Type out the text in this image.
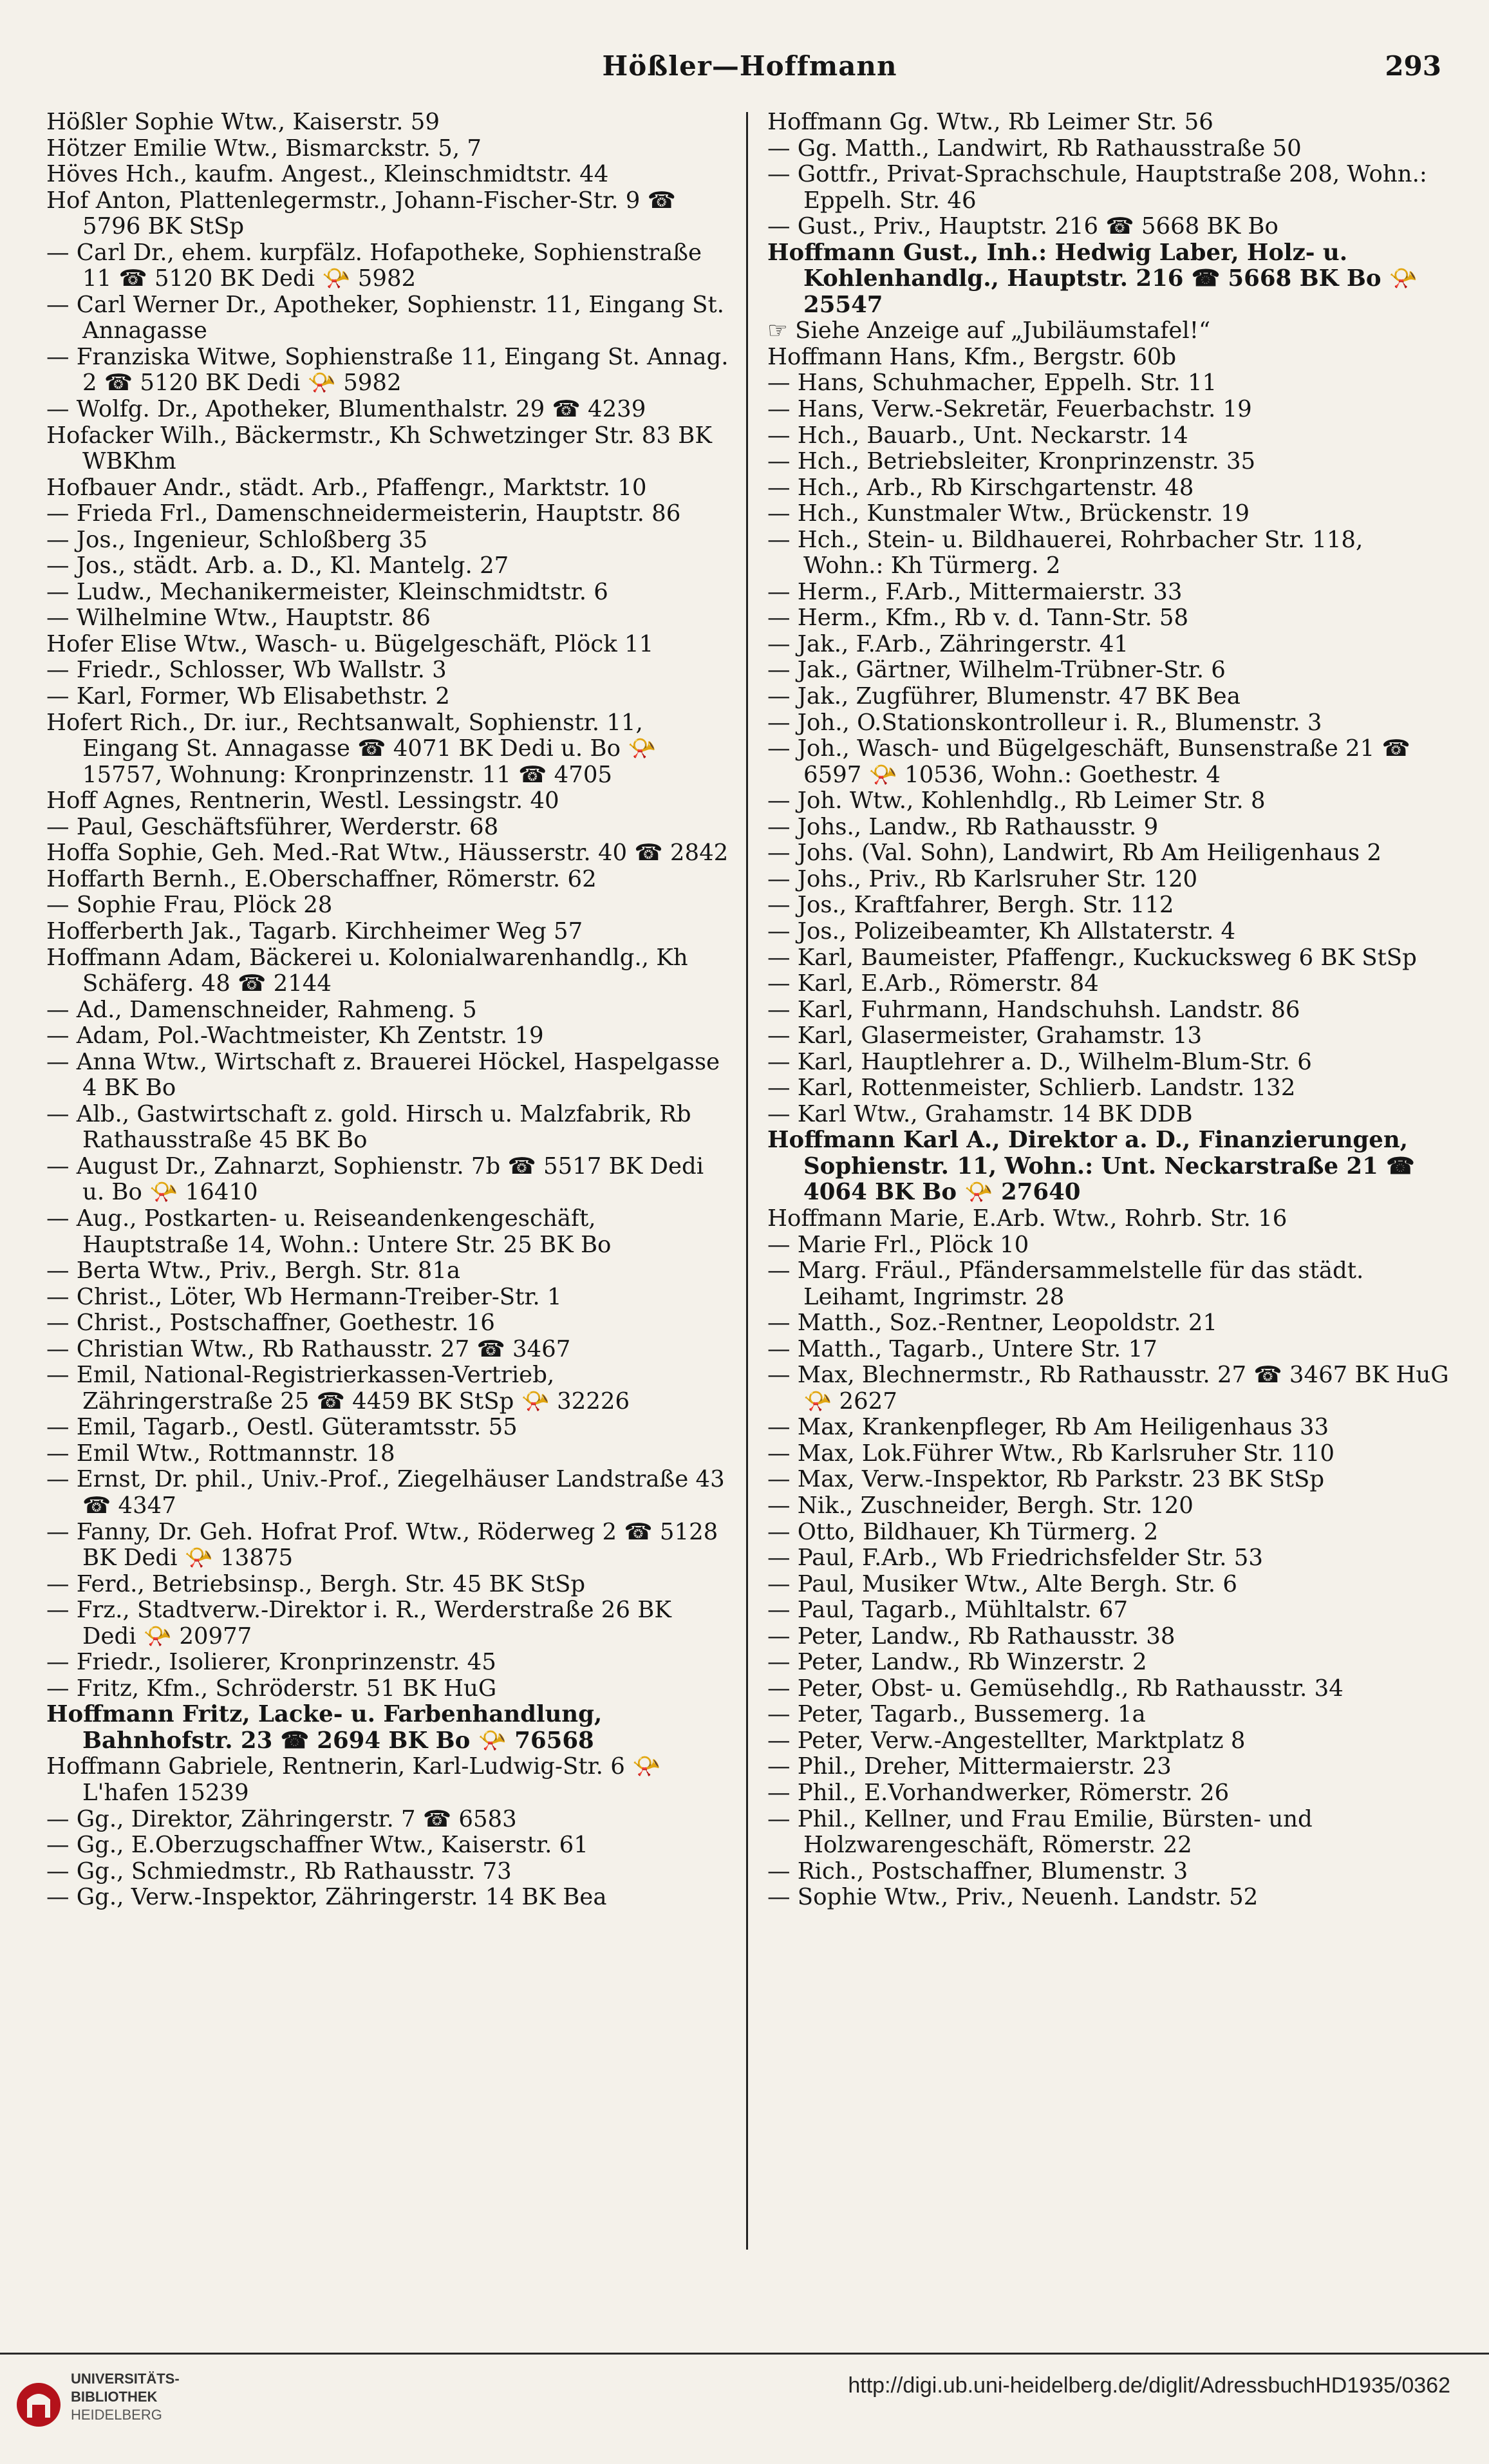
Hößler—Hoffmann	293

Hößler Sophie Wtw., Kaiserstr. 59

Hötzer Emilie Wtw., Bismarckstr. 5, 7

Höves Hch., kaufm. Angest., Kleinschmidtstr. 44

Hof Anton, Plattenlegermstr., Johann-Fischer-Str. 9 ☎ 5796 BK StSp

— Carl Dr., ehem. kurpfälz. Hofapotheke, Sophienstraße 11 ☎ 5120 BK Dedi 📯 5982

— Carl Werner Dr., Apotheker, Sophienstr. 11, Eingang St. Annagasse

— Franziska Witwe, Sophienstraße 11, Eingang St. Annag. 2 ☎ 5120 BK Dedi 📯 5982

— Wolfg. Dr., Apotheker, Blumenthalstr. 29 ☎ 4239

Hofacker Wilh., Bäckermstr., Kh Schwetzinger Str. 83 BK WBKhm

Hofbauer Andr., städt. Arb., Pfaffengr., Marktstr. 10

— Frieda Frl., Damenschneidermeisterin, Hauptstr. 86

— Jos., Ingenieur, Schloßberg 35

— Jos., städt. Arb. a. D., Kl. Mantelg. 27

— Ludw., Mechanikermeister, Kleinschmidtstr. 6

— Wilhelmine Wtw., Hauptstr. 86

Hofer Elise Wtw., Wasch- u. Bügelgeschäft, Plöck 11

— Friedr., Schlosser, Wb Wallstr. 3

— Karl, Former, Wb Elisabethstr. 2

Hofert Rich., Dr. iur., Rechtsanwalt, Sophienstr. 11, Eingang St. Annagasse ☎ 4071 BK Dedi u. Bo 📯 15757, Wohnung: Kronprinzenstr. 11 ☎ 4705

Hoff Agnes, Rentnerin, Westl. Lessingstr. 40

— Paul, Geschäftsführer, Werderstr. 68

Hoffa Sophie, Geh. Med.-Rat Wtw., Häusserstr. 40 ☎ 2842

Hoffarth Bernh., E.Oberschaffner, Römerstr. 62

— Sophie Frau, Plöck 28

Hofferberth Jak., Tagarb. Kirchheimer Weg 57

Hoffmann Adam, Bäckerei u. Kolonialwarenhandlg., Kh Schäferg. 48 ☎ 2144

— Ad., Damenschneider, Rahmeng. 5

— Adam, Pol.-Wachtmeister, Kh Zentstr. 19

— Anna Wtw., Wirtschaft z. Brauerei Höckel, Haspelgasse 4 BK Bo

— Alb., Gastwirtschaft z. gold. Hirsch u. Malzfabrik, Rb Rathausstraße 45 BK Bo

— August Dr., Zahnarzt, Sophienstr. 7b ☎ 5517 BK Dedi u. Bo 📯 16410

— Aug., Postkarten- u. Reiseandenkengeschäft, Hauptstraße 14, Wohn.: Untere Str. 25 BK Bo

— Berta Wtw., Priv., Bergh. Str. 81a

— Christ., Löter, Wb Hermann-Treiber-Str. 1

— Christ., Postschaffner, Goethestr. 16

— Christian Wtw., Rb Rathausstr. 27 ☎ 3467

— Emil, National-Registrierkassen-Vertrieb, Zähringerstraße 25 ☎ 4459 BK StSp 📯 32226

— Emil, Tagarb., Oestl. Güteramtsstr. 55

— Emil Wtw., Rottmannstr. 18

— Ernst, Dr. phil., Univ.-Prof., Ziegelhäuser Landstraße 43 ☎ 4347

— Fanny, Dr. Geh. Hofrat Prof. Wtw., Röderweg 2 ☎ 5128 BK Dedi 📯 13875

— Ferd., Betriebsinsp., Bergh. Str. 45 BK StSp

— Frz., Stadtverw.-Direktor i. R., Werderstraße 26 BK Dedi 📯 20977

— Friedr., Isolierer, Kronprinzenstr. 45

— Fritz, Kfm., Schröderstr. 51 BK HuG

Hoffmann Fritz, Lacke- u. Farbenhandlung, Bahnhofstr. 23 ☎ 2694 BK Bo 📯 76568

Hoffmann Gabriele, Rentnerin, Karl-Ludwig-Str. 6 📯 L'hafen 15239

— Gg., Direktor, Zähringerstr. 7 ☎ 6583

— Gg., E.Oberzugschaffner Wtw., Kaiserstr. 61

— Gg., Schmiedmstr., Rb Rathausstr. 73

— Gg., Verw.-Inspektor, Zähringerstr. 14 BK Bea

Hoffmann Gg. Wtw., Rb Leimer Str. 56

— Gg. Matth., Landwirt, Rb Rathausstraße 50

— Gottfr., Privat-Sprachschule, Hauptstraße 208, Wohn.: Eppelh. Str. 46

— Gust., Priv., Hauptstr. 216 ☎ 5668 BK Bo

Hoffmann Gust., Inh.: Hedwig Laber, Holz- u. Kohlenhandlg., Hauptstr. 216 ☎ 5668 BK Bo 📯 25547

☞ Siehe Anzeige auf „Jubiläumstafel!“

Hoffmann Hans, Kfm., Bergstr. 60b

— Hans, Schuhmacher, Eppelh. Str. 11

— Hans, Verw.-Sekretär, Feuerbachstr. 19

— Hch., Bauarb., Unt. Neckarstr. 14

— Hch., Betriebsleiter, Kronprinzenstr. 35

— Hch., Arb., Rb Kirschgartenstr. 48

— Hch., Kunstmaler Wtw., Brückenstr. 19

— Hch., Stein- u. Bildhauerei, Rohrbacher Str. 118, Wohn.: Kh Türmerg. 2

— Herm., F.Arb., Mittermaierstr. 33

— Herm., Kfm., Rb v. d. Tann-Str. 58

— Jak., F.Arb., Zähringerstr. 41

— Jak., Gärtner, Wilhelm-Trübner-Str. 6

— Jak., Zugführer, Blumenstr. 47 BK Bea

— Joh., O.Stationskontrolleur i. R., Blumenstr. 3

— Joh., Wasch- und Bügelgeschäft, Bunsenstraße 21 ☎ 6597 📯 10536, Wohn.: Goethestr. 4

— Joh. Wtw., Kohlenhdlg., Rb Leimer Str. 8

— Johs., Landw., Rb Rathausstr. 9

— Johs. (Val. Sohn), Landwirt, Rb Am Heiligenhaus 2

— Johs., Priv., Rb Karlsruher Str. 120

— Jos., Kraftfahrer, Bergh. Str. 112

— Jos., Polizeibeamter, Kh Allstaterstr. 4

— Karl, Baumeister, Pfaffengr., Kuckucksweg 6 BK StSp

— Karl, E.Arb., Römerstr. 84

— Karl, Fuhrmann, Handschuhsh. Landstr. 86

— Karl, Glasermeister, Grahamstr. 13

— Karl, Hauptlehrer a. D., Wilhelm-Blum-Str. 6

— Karl, Rottenmeister, Schlierb. Landstr. 132

— Karl Wtw., Grahamstr. 14 BK DDB

Hoffmann Karl A., Direktor a. D., Finanzierungen, Sophienstr. 11, Wohn.: Unt. Neckarstraße 21 ☎ 4064 BK Bo 📯 27640

Hoffmann Marie, E.Arb. Wtw., Rohrb. Str. 16

— Marie Frl., Plöck 10

— Marg. Fräul., Pfändersammelstelle für das städt. Leihamt, Ingrimstr. 28

— Matth., Soz.-Rentner, Leopoldstr. 21

— Matth., Tagarb., Untere Str. 17

— Max, Blechnermstr., Rb Rathausstr. 27 ☎ 3467 BK HuG 📯 2627

— Max, Krankenpfleger, Rb Am Heiligenhaus 33

— Max, Lok.Führer Wtw., Rb Karlsruher Str. 110

— Max, Verw.-Inspektor, Rb Parkstr. 23 BK StSp

— Nik., Zuschneider, Bergh. Str. 120

— Otto, Bildhauer, Kh Türmerg. 2

— Paul, F.Arb., Wb Friedrichsfelder Str. 53

— Paul, Musiker Wtw., Alte Bergh. Str. 6

— Paul, Tagarb., Mühltalstr. 67

— Peter, Landw., Rb Rathausstr. 38

— Peter, Landw., Rb Winzerstr. 2

— Peter, Obst- u. Gemüsehdlg., Rb Rathausstr. 34

— Peter, Tagarb., Bussemerg. 1a

— Peter, Verw.-Angestellter, Marktplatz 8

— Phil., Dreher, Mittermaierstr. 23

— Phil., E.Vorhandwerker, Römerstr. 26

— Phil., Kellner, und Frau Emilie, Bürsten- und Holzwarengeschäft, Römerstr. 22

— Rich., Postschaffner, Blumenstr. 3

— Sophie Wtw., Priv., Neuenh. Landstr. 52

UNIVERSITÄTS-
BIBLIOTHEK
HEIDELBERG
http://digi.ub.uni-heidelberg.de/diglit/AdressbuchHD1935/0362
